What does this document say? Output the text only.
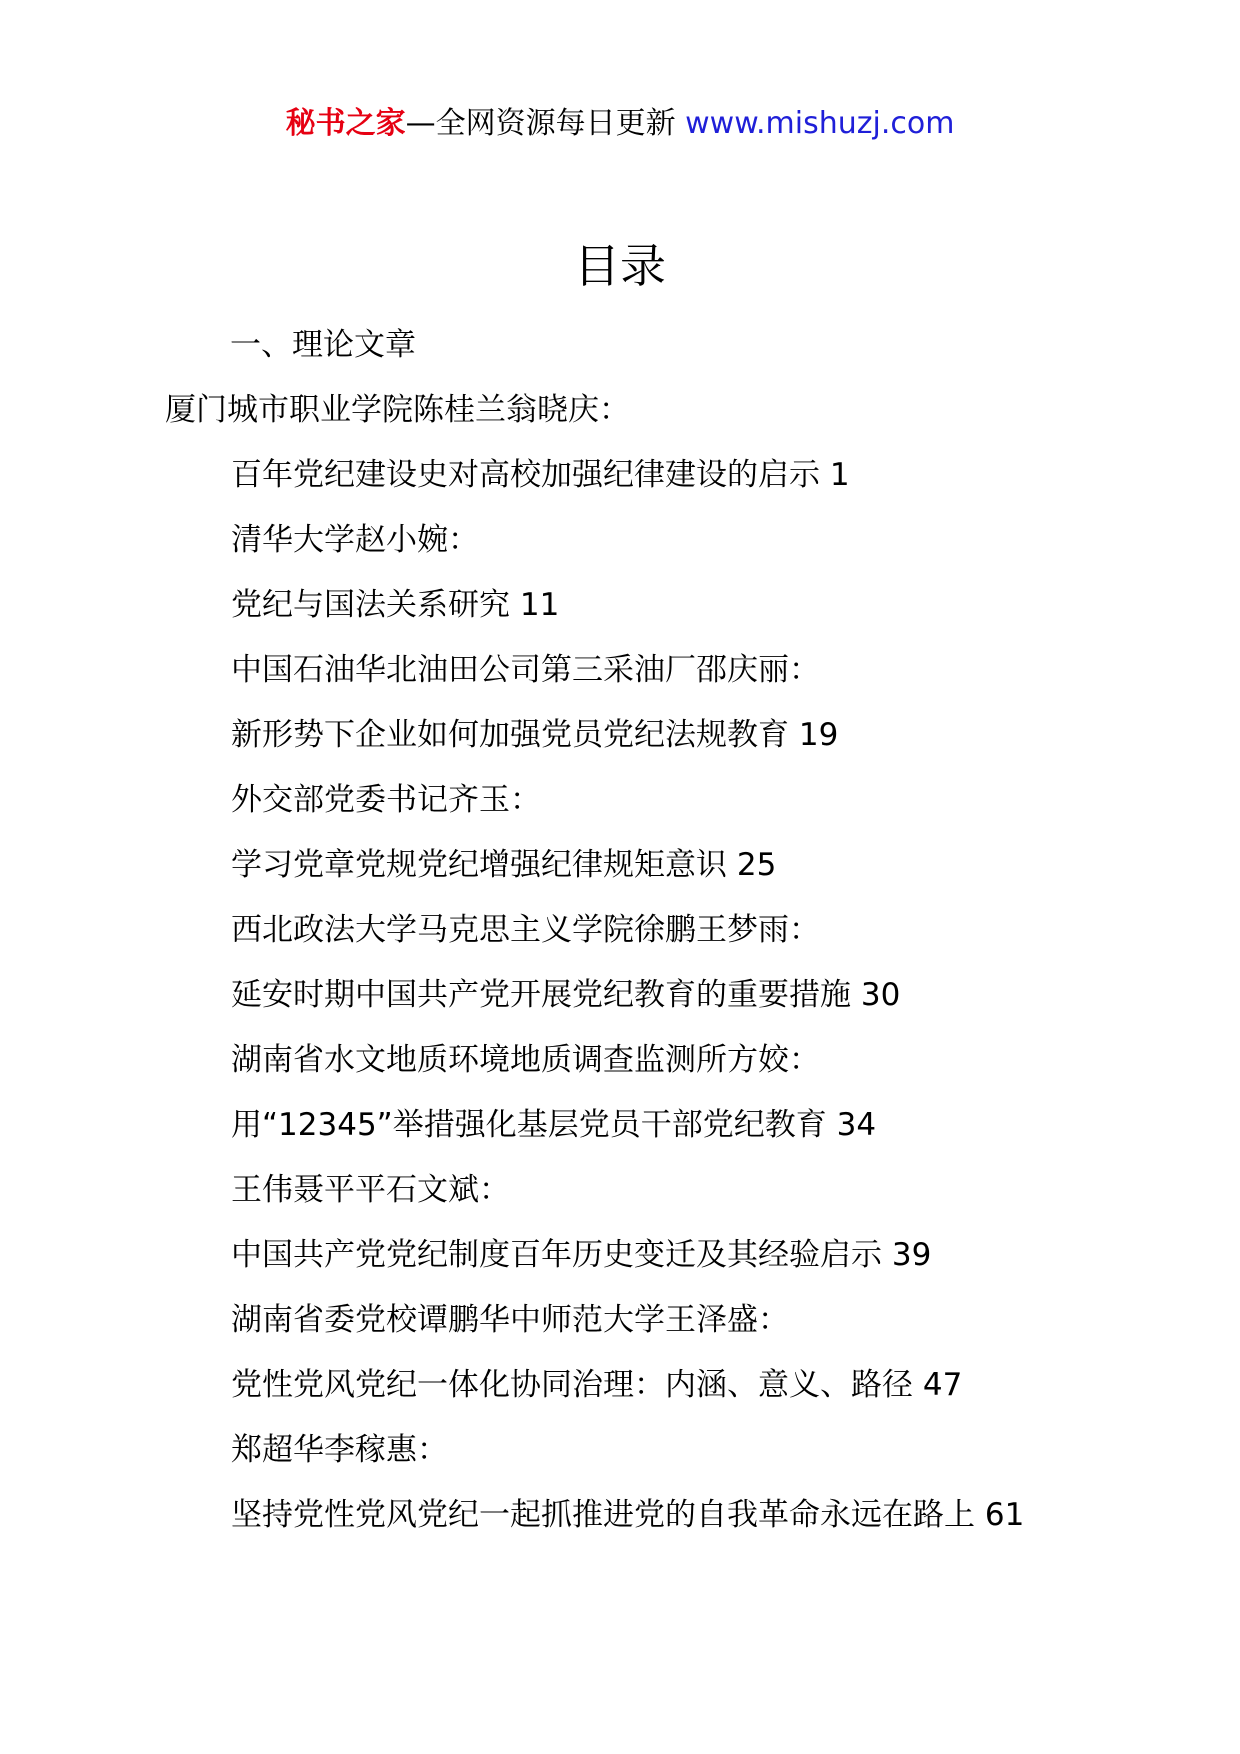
秘书之家—全网资源每日更新 www.mishuzj.com
目录
一、理论文章
厦门城市职业学院陈桂兰翁晓庆：
百年党纪建设史对高校加强纪律建设的启示 1
清华大学赵小婉：
党纪与国法关系研究 11
中国石油华北油田公司第三采油厂邵庆丽：
新形势下企业如何加强党员党纪法规教育 19
外交部党委书记齐玉：
学习党章党规党纪增强纪律规矩意识 25
西北政法大学马克思主义学院徐鹏王梦雨：
延安时期中国共产党开展党纪教育的重要措施 30
湖南省水文地质环境地质调查监测所方姣：
用“12345”举措强化基层党员干部党纪教育 34
王伟聂平平石文斌：
中国共产党党纪制度百年历史变迁及其经验启示 39
湖南省委党校谭鹏华中师范大学王泽盛：
党性党风党纪一体化协同治理：内涵、意义、路径 47
郑超华李稼惠：
坚持党性党风党纪一起抓推进党的自我革命永远在路上 61
